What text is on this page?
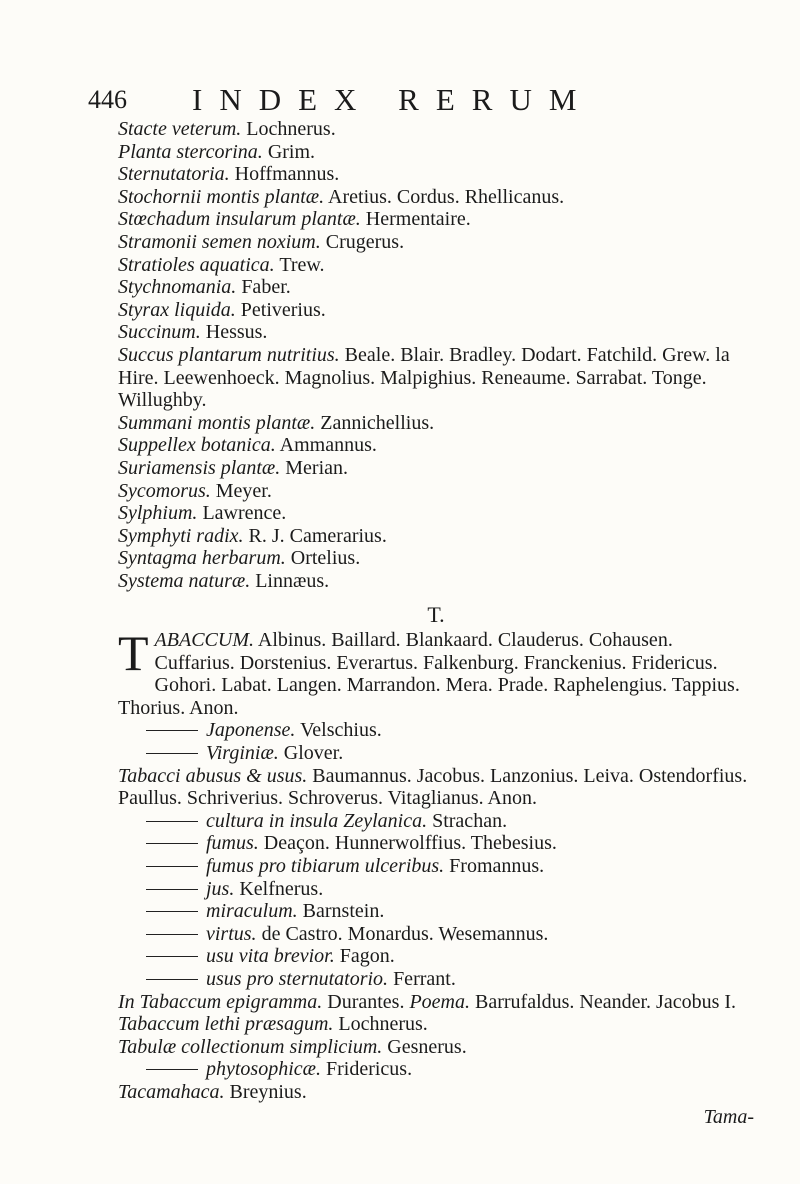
446 INDEX RERUM

Stacte veterum. Lochnerus.

Planta stercorina. Grim.

Sternutatoria. Hoffmannus.

Stochornii montis plantæ. Aretius. Cordus. Rhellicanus.

Stœchadum insularum plantæ. Hermentaire.

Stramonii semen noxium. Crugerus.

Stratioles aquatica. Trew.

Stychnomania. Faber.

Styrax liquida. Petiverius.

Succinum. Hessus.

Succus plantarum nutritius. Beale. Blair. Bradley. Dodart. Fatchild. Grew. la Hire. Leewenhoeck. Magnolius. Malpighius. Reneaume. Sarrabat. Tonge. Willughby.

Summani montis plantæ. Zannichellius.

Suppellex botanica. Ammannus.

Suriamensis plantæ. Merian.

Sycomorus. Meyer.

Sylphium. Lawrence.

Symphyti radix. R. J. Camerarius.

Syntagma herbarum. Ortelius.

Systema naturæ. Linnæus.

T.

TABACCUM. Albinus. Baillard. Blankaard. Clauderus. Cohausen. Cuffarius. Dorstenius. Everartus. Falkenburg. Franckenius. Fridericus. Gohori. Labat. Langen. Marrandon. Mera. Prade. Raphelengius. Tappius. Thorius. Anon.

Japonense. Velschius.

Virginiæ. Glover.

Tabacci abusus & usus. Baumannus. Jacobus. Lanzonius. Leiva. Ostendorfius. Paullus. Schriverius. Schroverus. Vitaglianus. Anon.

cultura in insula Zeylanica. Strachan.

fumus. Deaçon. Hunnerwolffius. Thebesius.

fumus pro tibiarum ulceribus. Fromannus.

jus. Kelfnerus.

miraculum. Barnstein.

virtus. de Castro. Monardus. Wesemannus.

usu vita brevior. Fagon.

usus pro sternutatorio. Ferrant.

In Tabaccum epigramma. Durantes. Poema. Barrufaldus. Neander. Jacobus I.

Tabaccum lethi præsagum. Lochnerus.

Tabulæ collectionum simplicium. Gesnerus.

phytosophicæ. Fridericus.

Tacamahaca. Breynius.

Tama-
